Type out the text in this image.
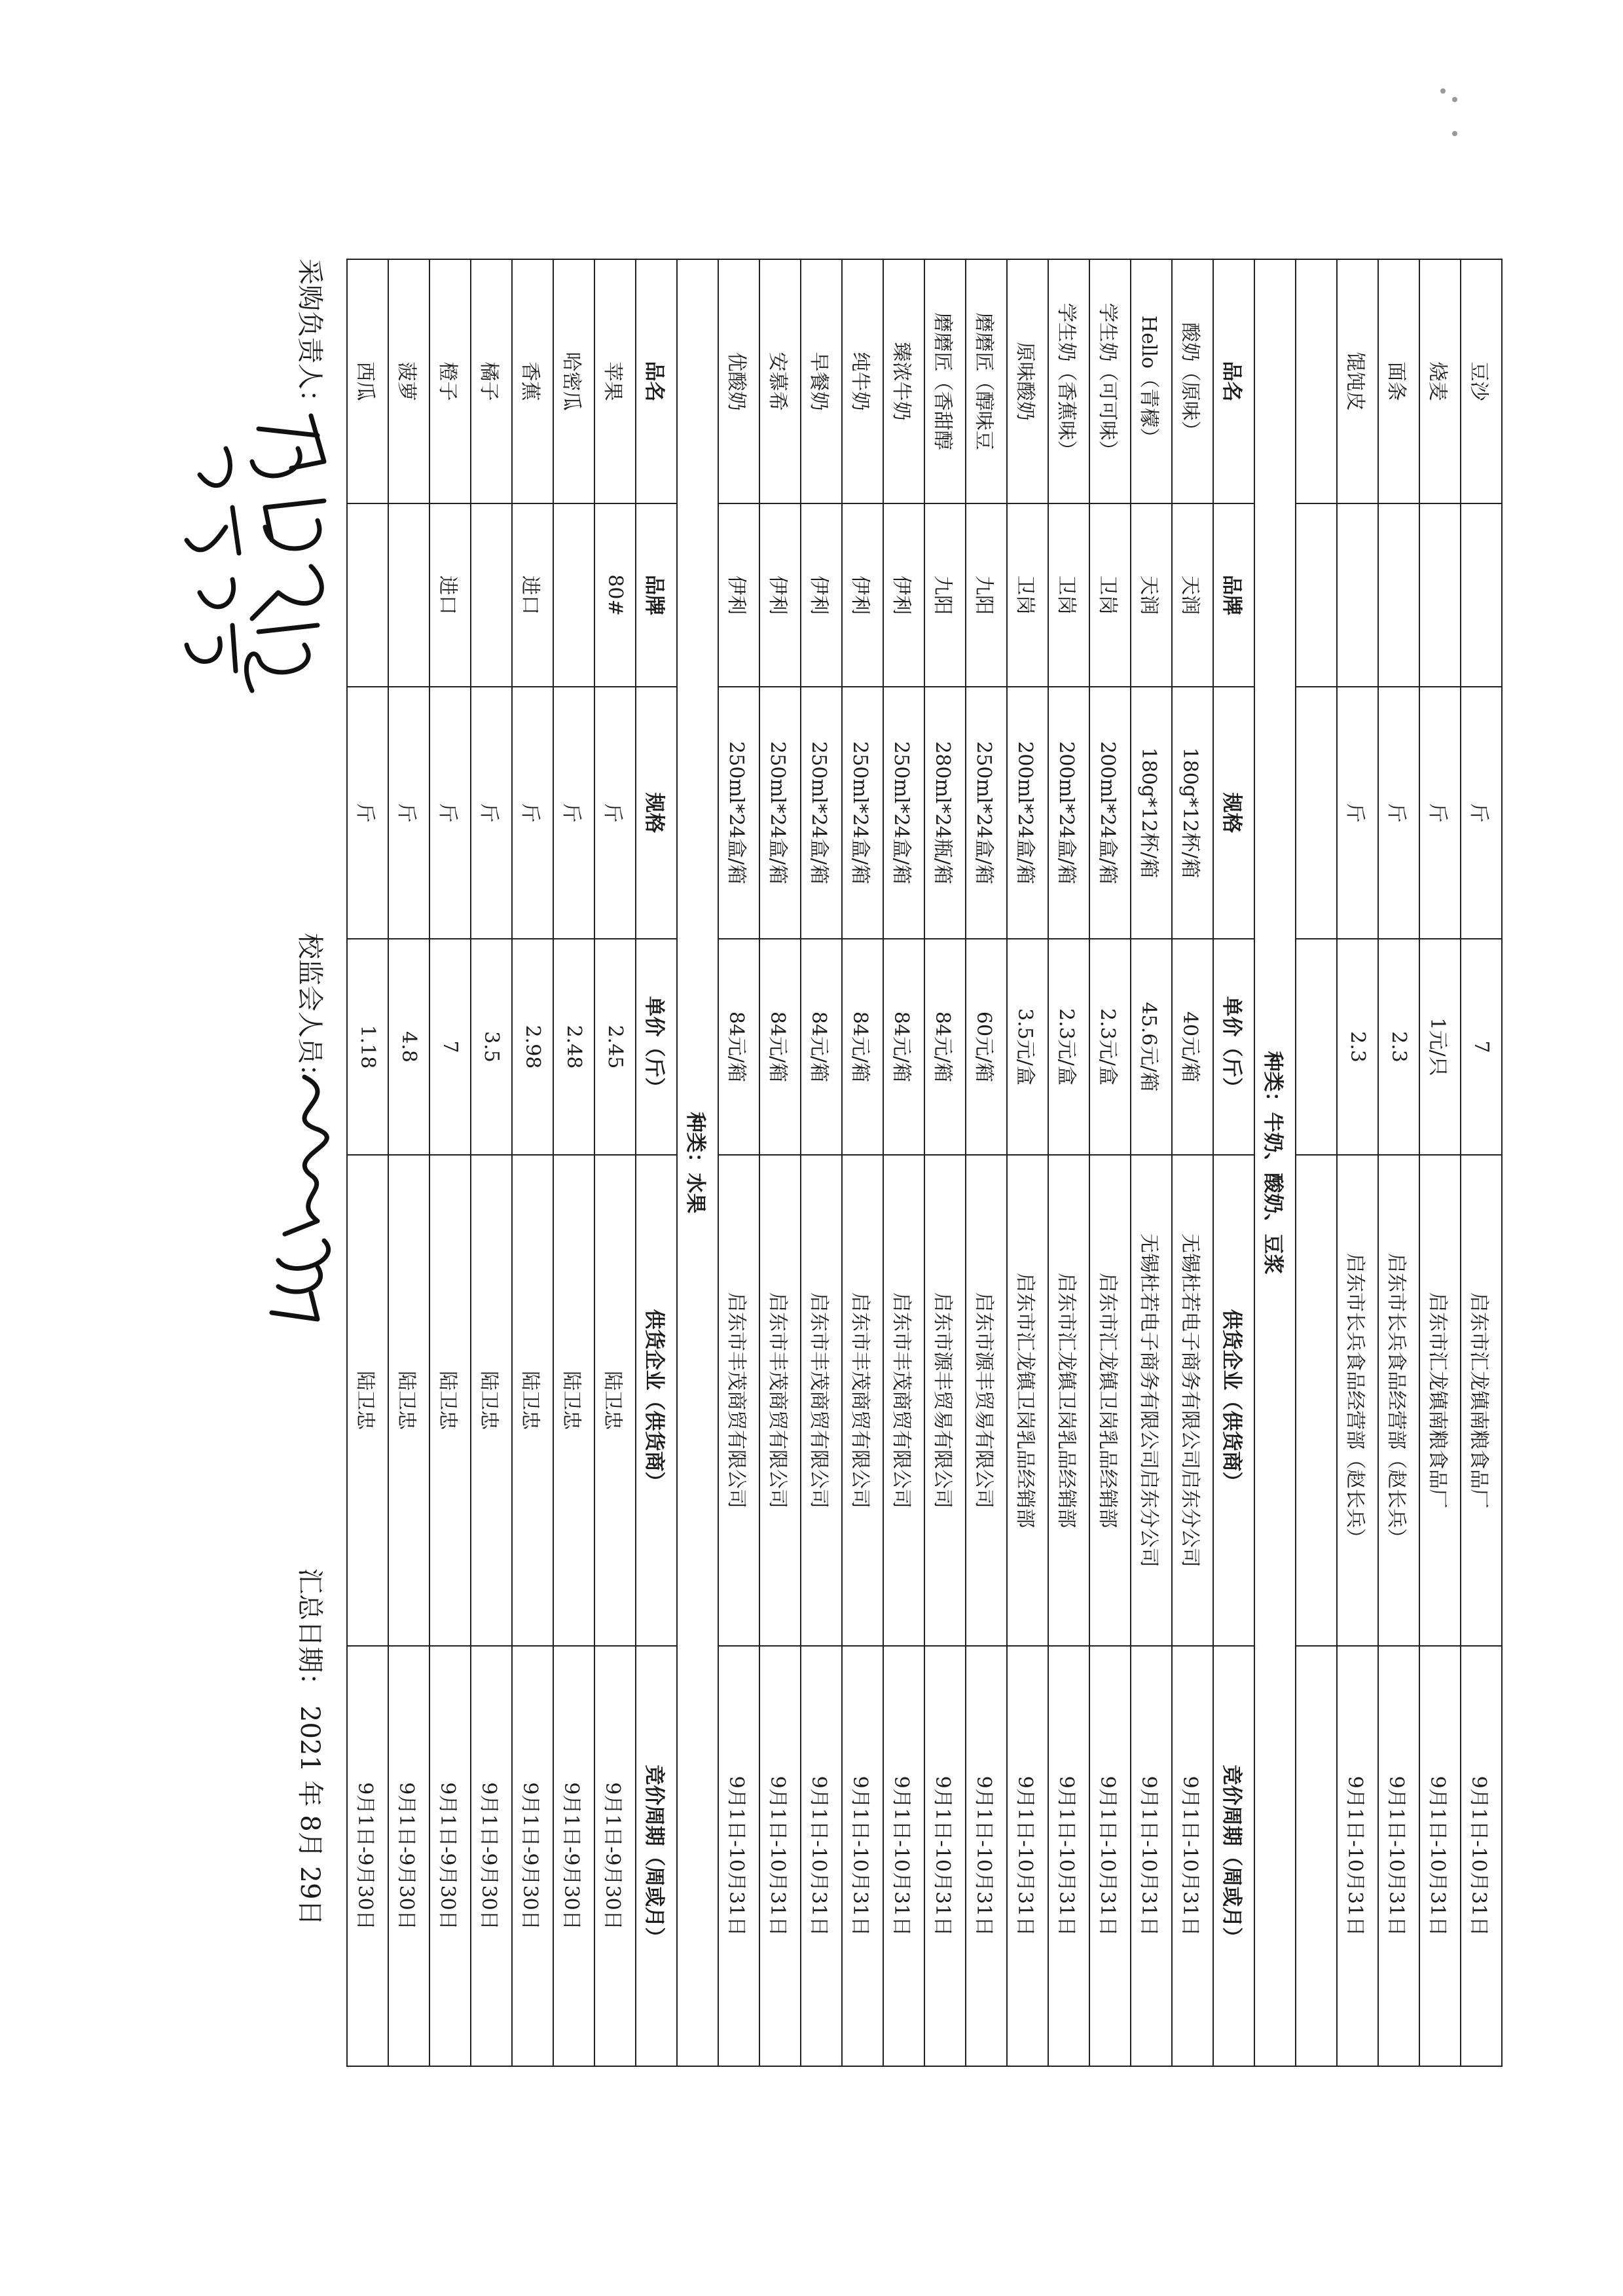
豆沙		斤	7	启东市汇龙镇南粮食品厂	9月1日-10月31日
烧麦		斤	1元/只	启东市汇龙镇南粮食品厂	9月1日-10月31日
面条		斤	2.3	启东市长兵食品经营部（赵长兵）	9月1日-10月31日
馄饨皮		斤	2.3	启东市长兵食品经营部（赵长兵）	9月1日-10月31日

种类：牛奶、酸奶、豆浆					
品名	品牌	规格	单价（斤）	供货企业（供货商）	竞价周期（周或月）
酸奶（原味）	天润	180g*12杯/箱	40元/箱	无锡杜若电子商务有限公司启东分公司	9月1日-10月31日
Hello（青檬）	天润	180g*12杯/箱	45.6元/箱	无锡杜若电子商务有限公司启东分公司	9月1日-10月31日
学生奶（可可味）	卫岗	200ml*24盒/箱	2.3元/盒	启东市汇龙镇卫岗乳品经销部	9月1日-10月31日
学生奶（香蕉味）	卫岗	200ml*24盒/箱	2.3元/盒	启东市汇龙镇卫岗乳品经销部	9月1日-10月31日
原味酸奶	卫岗	200ml*24盒/箱	3.5元/盒	启东市汇龙镇卫岗乳品经销部	9月1日-10月31日
磨磨匠（醇味豆	九阳	250ml*24盒/箱	60元/箱	启东市源丰贸易有限公司	9月1日-10月31日
磨磨匠（香甜醇	九阳	280ml*24瓶/箱	84元/箱	启东市源丰贸易有限公司	9月1日-10月31日
臻浓牛奶	伊利	250ml*24盒/箱	84元/箱	启东市丰茂商贸有限公司	9月1日-10月31日
纯牛奶	伊利	250ml*24盒/箱	84元/箱	启东市丰茂商贸有限公司	9月1日-10月31日
早餐奶	伊利	250ml*24盒/箱	84元/箱	启东市丰茂商贸有限公司	9月1日-10月31日
安慕希	伊利	250ml*24盒/箱	84元/箱	启东市丰茂商贸有限公司	9月1日-10月31日
优酸奶	伊利	250ml*24盒/箱	84元/箱	启东市丰茂商贸有限公司	9月1日-10月31日
种类：水果					
品名	品牌	规格	单价（斤）	供货企业（供货商）	竞价周期（周或月）
苹果	80#	斤	2.45	陆卫忠	9月1日-9月30日
哈密瓜		斤	2.48	陆卫忠	9月1日-9月30日
香蕉	进口	斤	2.98	陆卫忠	9月1日-9月30日
橘子		斤	3.5	陆卫忠	9月1日-9月30日
橙子	进口	斤	7	陆卫忠	9月1日-9月30日
菠萝		斤	4.8	陆卫忠	9月1日-9月30日
西瓜		斤	1.18	陆卫忠	9月1日-9月30日
采购负责人：
校监会人员：
汇总日期：
2021 年 8月 29日
